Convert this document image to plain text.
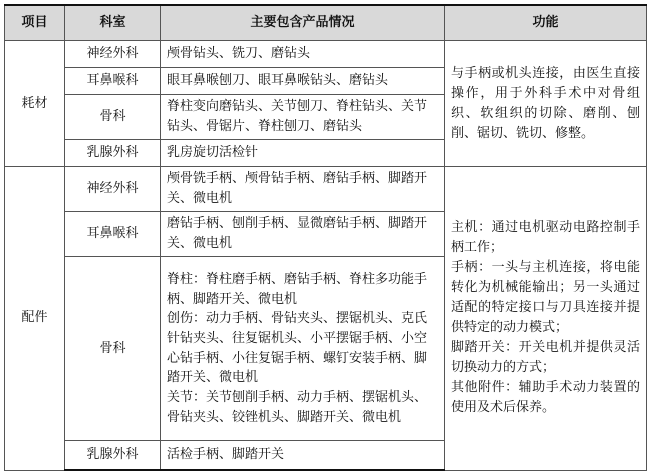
项目	科室	主要包含产品情况	功能
耗材	神经外科	颅骨钻头、铣刀、磨钻头	与手柄或机头连接，由医生直接操作，用于外科手术中对骨组织、软组织的切除、磨削、刨削、锯切、铣切、修整。
	耳鼻喉科	眼耳鼻喉刨刀、眼耳鼻喉钻头、磨钻头	
	骨科	脊柱变向磨钻头、关节刨刀、脊柱钻头、关节钻头、骨锯片、脊柱刨刀、磨钻头	
	乳腺外科	乳房旋切活检针	
配件	神经外科	颅骨铣手柄、颅骨钻手柄、磨钻手柄、脚踏开关、微电机	主机：通过电机驱动电路控制手柄工作；
手柄：一头与主机连接，将电能转化为机械能输出；另一头通过适配的特定接口与刀具连接并提供特定的动力模式；
脚踏开关：开关电机并提供灵活切换动力的方式；
其他附件：辅助手术动力装置的使用及术后保养。
	耳鼻喉科	磨钻手柄、刨削手柄、显微磨钻手柄、脚踏开关、微电机	
	骨科	脊柱：脊柱磨手柄、磨钻手柄、脊柱多功能手柄、脚踏开关、微电机
创伤：动力手柄、骨钻夹头、摆锯机头、克氏针钻夹头、往复锯机头、小平摆锯手柄、小空心钻手柄、小往复锯手柄、螺钉安装手柄、脚踏开关、微电机
关节：关节刨削手柄、动力手柄、摆锯机头、骨钻夹头、铰锉机头、脚踏开关、微电机	
	乳腺外科	活检手柄、脚踏开关	
